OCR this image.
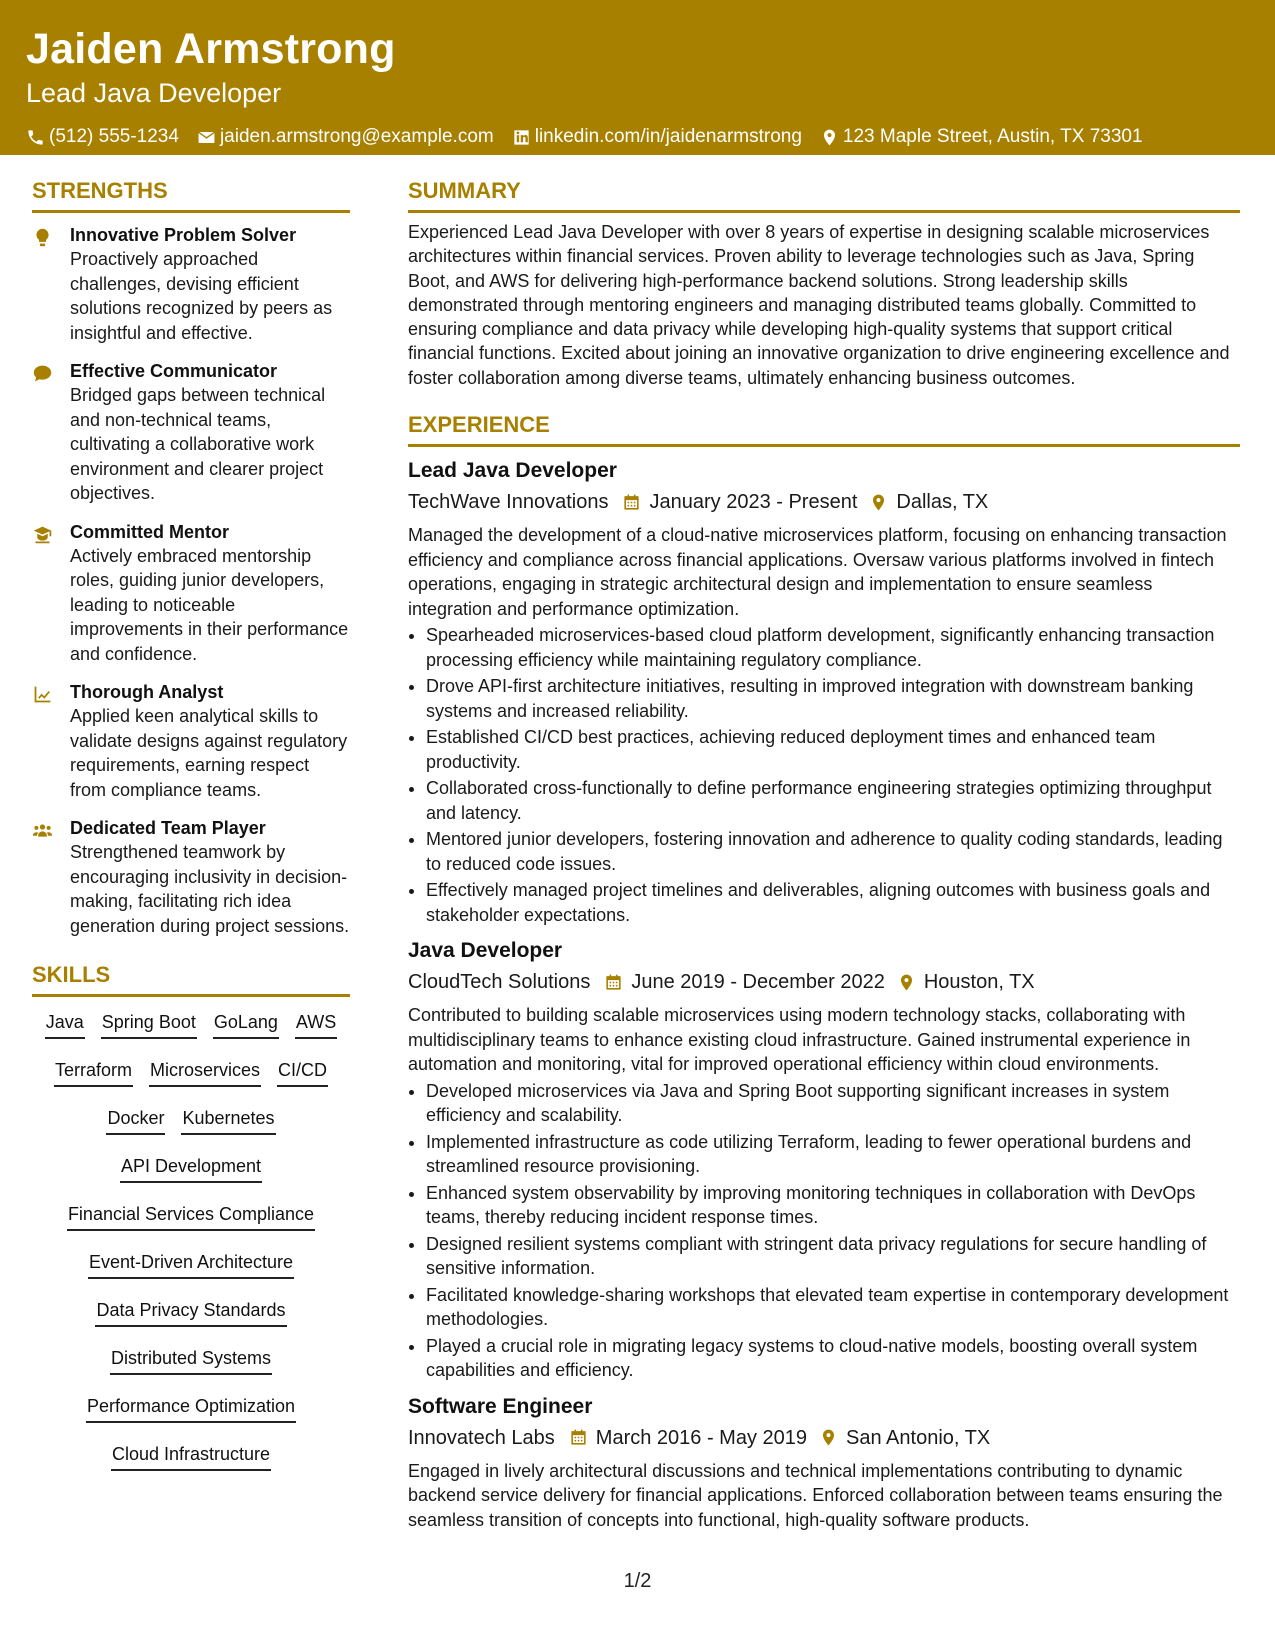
Jaiden Armstrong
Lead Java Developer
(512) 555-1234 jaiden.armstrong@example.com linkedin.com/in/jaidenarmstrong 123 Maple Street, Austin, TX 73301
STRENGTHS
Innovative Problem Solver
Proactively approached challenges, devising efficient solutions recognized by peers as insightful and effective.
Effective Communicator
Bridged gaps between technical and non-technical teams, cultivating a collaborative work environment and clearer project objectives.
Committed Mentor
Actively embraced mentorship roles, guiding junior developers, leading to noticeable improvements in their performance and confidence.
Thorough Analyst
Applied keen analytical skills to validate designs against regulatory requirements, earning respect from compliance teams.
Dedicated Team Player
Strengthened teamwork by encouraging inclusivity in decision-making, facilitating rich idea generation during project sessions.
SKILLS
Java Spring Boot GoLang AWS
Terraform Microservices CI/CD
Docker Kubernetes
API Development
Financial Services Compliance
Event-Driven Architecture
Data Privacy Standards
Distributed Systems
Performance Optimization
Cloud Infrastructure
SUMMARY
Experienced Lead Java Developer with over 8 years of expertise in designing scalable microservices architectures within financial services. Proven ability to leverage technologies such as Java, Spring Boot, and AWS for delivering high-performance backend solutions. Strong leadership skills demonstrated through mentoring engineers and managing distributed teams globally. Committed to ensuring compliance and data privacy while developing high-quality systems that support critical financial functions. Excited about joining an innovative organization to drive engineering excellence and foster collaboration among diverse teams, ultimately enhancing business outcomes.
EXPERIENCE
Lead Java Developer
TechWave Innovations January 2023 - Present Dallas, TX
Managed the development of a cloud-native microservices platform, focusing on enhancing transaction efficiency and compliance across financial applications. Oversaw various platforms involved in fintech operations, engaging in strategic architectural design and implementation to ensure seamless integration and performance optimization.
• Spearheaded microservices-based cloud platform development, significantly enhancing transaction processing efficiency while maintaining regulatory compliance.
• Drove API-first architecture initiatives, resulting in improved integration with downstream banking systems and increased reliability.
• Established CI/CD best practices, achieving reduced deployment times and enhanced team productivity.
• Collaborated cross-functionally to define performance engineering strategies optimizing throughput and latency.
• Mentored junior developers, fostering innovation and adherence to quality coding standards, leading to reduced code issues.
• Effectively managed project timelines and deliverables, aligning outcomes with business goals and stakeholder expectations.
Java Developer
CloudTech Solutions June 2019 - December 2022 Houston, TX
Contributed to building scalable microservices using modern technology stacks, collaborating with multidisciplinary teams to enhance existing cloud infrastructure. Gained instrumental experience in automation and monitoring, vital for improved operational efficiency within cloud environments.
• Developed microservices via Java and Spring Boot supporting significant increases in system efficiency and scalability.
• Implemented infrastructure as code utilizing Terraform, leading to fewer operational burdens and streamlined resource provisioning.
• Enhanced system observability by improving monitoring techniques in collaboration with DevOps teams, thereby reducing incident response times.
• Designed resilient systems compliant with stringent data privacy regulations for secure handling of sensitive information.
• Facilitated knowledge-sharing workshops that elevated team expertise in contemporary development methodologies.
• Played a crucial role in migrating legacy systems to cloud-native models, boosting overall system capabilities and efficiency.
Software Engineer
Innovatech Labs March 2016 - May 2019 San Antonio, TX
Engaged in lively architectural discussions and technical implementations contributing to dynamic backend service delivery for financial applications. Enforced collaboration between teams ensuring the seamless transition of concepts into functional, high-quality software products.
1/2
